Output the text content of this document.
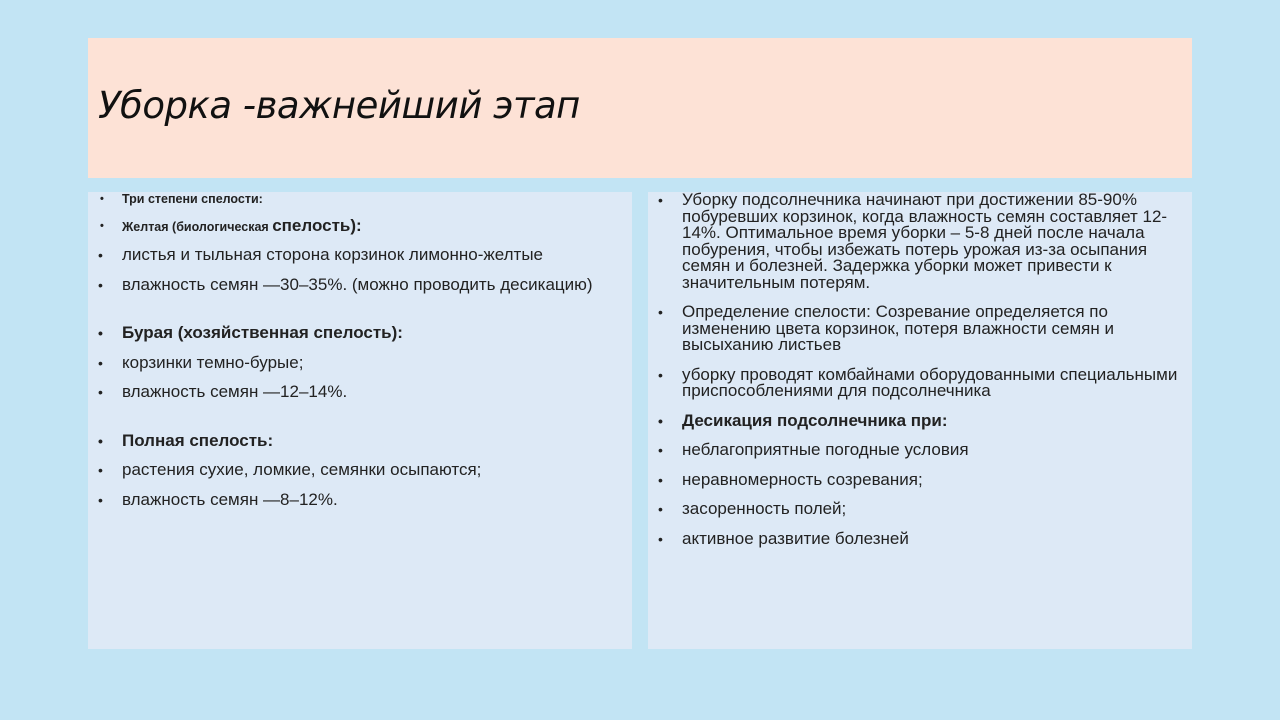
Уборка -важнейший этап
• Три степени спелости:
• Желтая (биологическая спелость):
• листья и тыльная сторона корзинок лимонно-желтые
• влажность семян —30–35%. (можно проводить десикацию)
• Бурая (хозяйственная спелость):
• корзинки темно-бурые;
• влажность семян —12–14%.
• Полная спелость:
• растения сухие, ломкие, семянки осыпаются;
• влажность семян —8–12%.
• Уборку подсолнечника начинают при достижении 85-90% побуревших корзинок, когда влажность семян составляет 12-14%. Оптимальное время уборки – 5-8 дней после начала побурения, чтобы избежать потерь урожая из-за осыпания семян и болезней. Задержка уборки может привести к значительным потерям.
• Определение спелости: Созревание определяется по изменению цвета корзинок, потеря влажности семян и высыханию листьев
• уборку проводят комбайнами оборудованными специальными приспособлениями для подсолнечника
• Десикация подсолнечника при:
• неблагоприятные погодные условия
• неравномерность созревания;
• засоренность полей;
• активное развитие болезней
